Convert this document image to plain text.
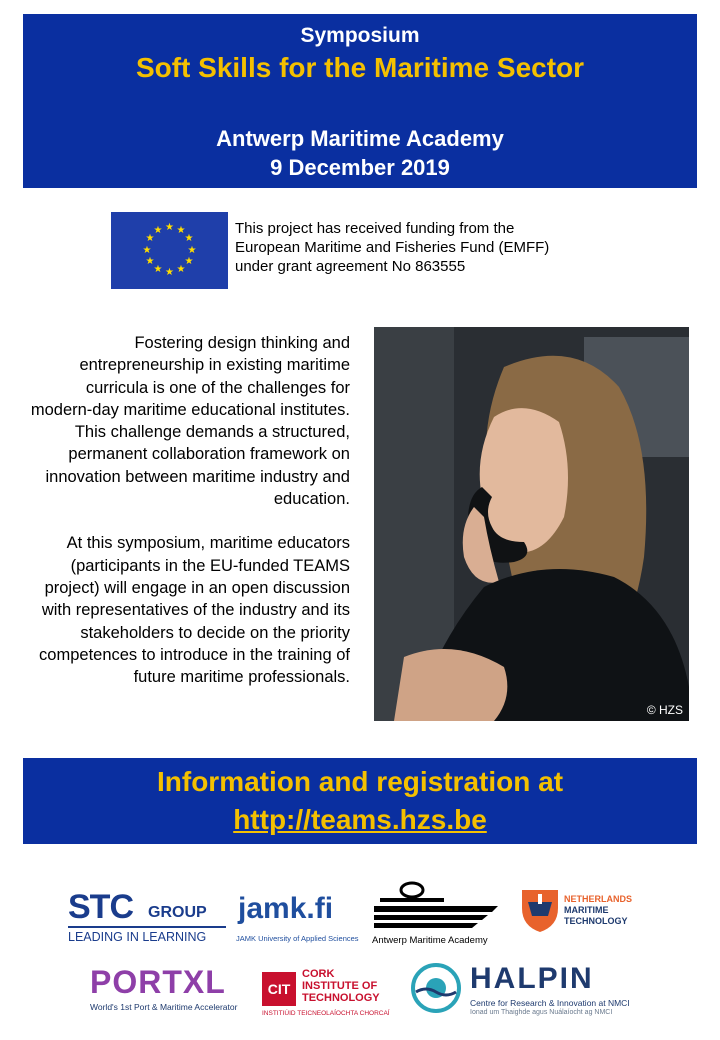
Symposium
Soft Skills for the Maritime Sector
Antwerp Maritime Academy
9 December 2019
★ ★
★
★
★
★
★
★
★
★
★
★	This project has received funding from the
European Maritime and Fisheries Fund (EMFF)
under grant agreement No 863555

Fostering design thinking and entrepreneurship in existing maritime curricula is one of the challenges for modern-day maritime educational institutes. This challenge demands a structured, permanent collaboration framework on innovation between maritime industry and education.

At this symposium, maritime educators (participants in the EU-funded TEAMS project) will engage in an open discussion with representatives of the industry and its stakeholders to decide on the priority competences to introduce in the training of future maritime professionals.

© HZS
Information and registration at
http://teams.hzs.be
STC GROUP
LEADING IN LEARNING
jamk.fi
JAMK University of Applied Sciences Antwerp Maritime Academy
NETHERLANDS
MARITIME
TECHNOLOGY
PORTXL
World's 1st Port & Maritime Accelerator
CIT
CORK
INSTITUTE OF
TECHNOLOGY
INSTITIÚID TEICNEOLAÍOCHTA CHORCAÍ
HALPIN
Centre for Research & Innovation at NMCI
Ionad um Thaighde agus Nuálaíocht ag NMCI
